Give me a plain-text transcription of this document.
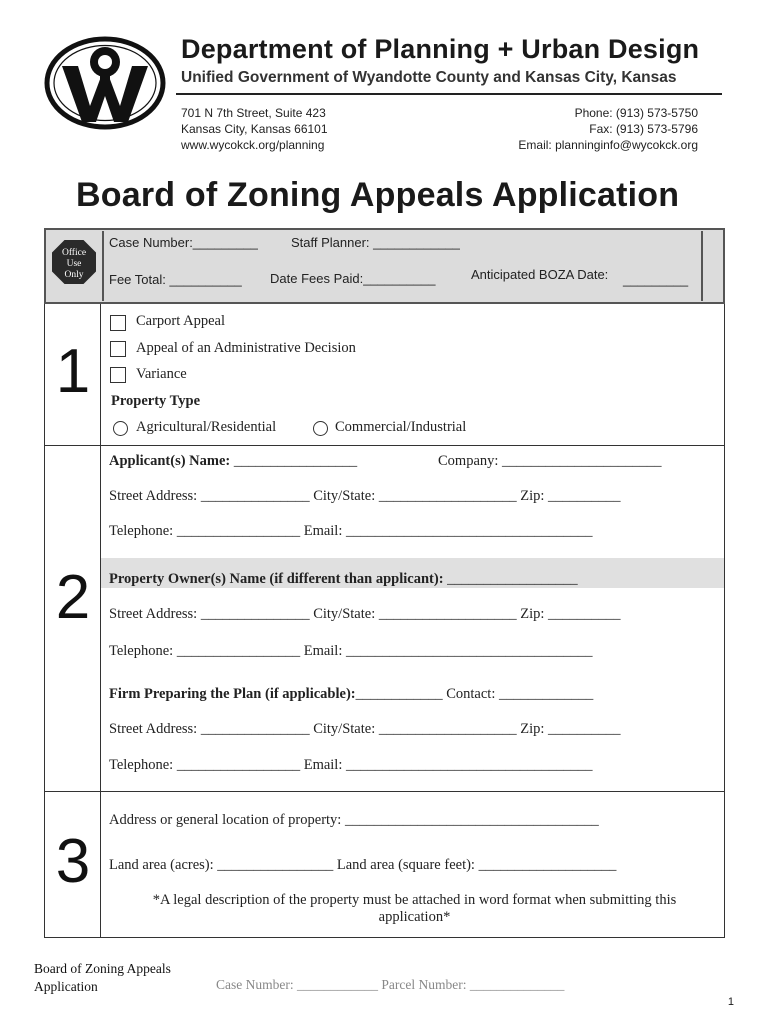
Department of Planning + Urban Design
Unified Government of Wyandotte County and Kansas City, Kansas
701 N 7th Street, Suite 423
Kansas City, Kansas 66101
www.wycokck.org/planning
Phone: (913) 573-5750
Fax: (913) 573-5796
Email: planninginfo@wycokck.org
Board of Zoning Appeals Application
Office
Use
Only
Case Number:_________	Staff Planner: ____________
Fee Total: __________ Date Fees Paid:__________	Anticipated BOZA Date: _________
1
Carport Appeal
Appeal of an Administrative Decision
Variance
Property Type
Agricultural/Residential	Commercial/Industrial
2
Applicant(s) Name: _________________	Company: ______________________
Street Address: _______________ City/State: ___________________ Zip: __________
Telephone: _________________ Email: __________________________________
Property Owner(s) Name (if different than applicant): __________________
Street Address: _______________ City/State: ___________________ Zip: __________
Telephone: _________________ Email: __________________________________
Firm Preparing the Plan (if applicable):____________ Contact: _____________
Street Address: _______________ City/State: ___________________ Zip: __________
Telephone: _________________ Email: __________________________________
3
Address or general location of property: ___________________________________
Land area (acres): ________________ Land area (square feet): ___________________
*A legal description of the property must be attached in word format when submitting this
application*
Board of Zoning Appeals
Application	Case Number: ____________ Parcel Number: ______________
1
